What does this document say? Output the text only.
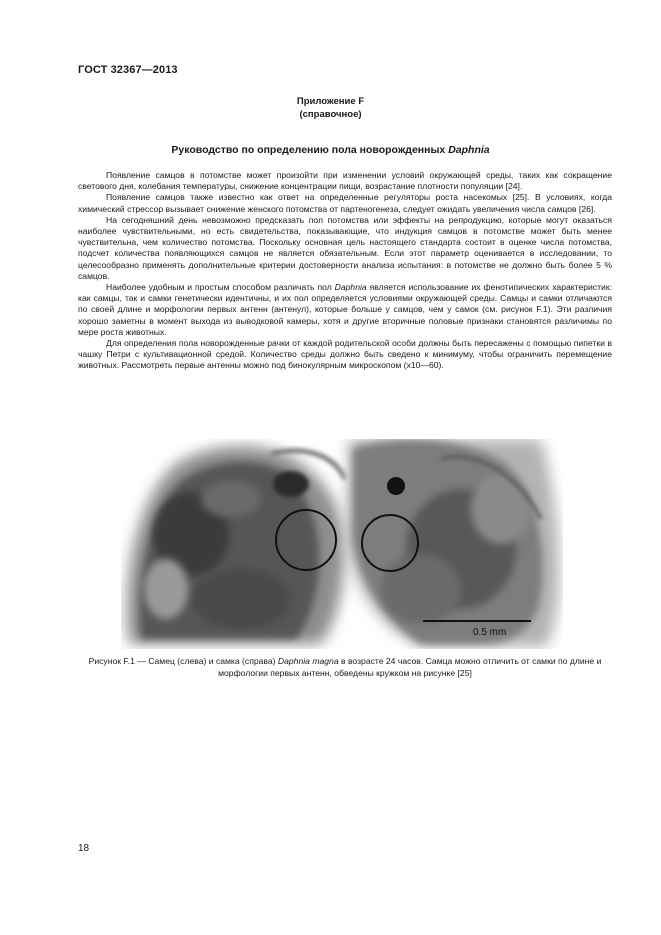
ГОСТ 32367—2013
Приложение F
(справочное)
Руководство по определению пола новорожденных Daphnia

Появление самцов в потомстве может произойти при изменении условий окружающей среды, таких как сокращение светового дня, колебания температуры, снижение концентрации пищи, возрастание плотности популяции [24].

Появление самцов также известно как ответ на определенные регуляторы роста насекомых [25]. В условиях, когда химический стрессор вызывает снижение женского потомства от партеногенеза, следует ожидать увеличения числа самцов [26].

На сегодняшний день невозможно предсказать пол потомства или эффекты на репродукцию, которые могут оказаться наиболее чувствительными, но есть свидетельства, показывающие, что индукция самцов в потомстве может быть менее чувствительна, чем количество потомства. Поскольку основная цель настоящего стандарта состоит в оценке числа потомства, подсчет количества появляющихся самцов не является обязательным. Если этот параметр оценивается в исследовании, то целесообразно применять дополнительные критерии достоверности анализа испытания: в потомстве не должно быть более 5 % самцов.

Наиболее удобным и простым способом различать пол Daphnia является использование их фенотипических характеристик: как самцы, так и самки генетически идентичны, и их пол определяется условиями окружающей среды. Самцы и самки отличаются по своей длине и морфологии первых антенн (антенул), которые больше у самцов, чем у самок (см. рисунок F.1). Эти различия хорошо заметны в момент выхода из выводковой камеры, хотя и другие вторичные половые признаки становятся различимы по мере роста животных.

Для определения пола новорожденные рачки от каждой родительской особи должны быть пересажены с помощью пипетки в чашку Петри с культивационной средой. Количество среды должно быть сведено к минимуму, чтобы ограничить перемещение животных. Рассмотреть первые антенны можно под бинокулярным микроскопом (x10—60).

0.5 mm
Рисунок F.1 — Самец (слева) и самка (справа) Daphnia magna в возрасте 24 часов. Самца можно отличить от самки по длине и морфологии первых антенн, обведены кружком на рисунке [25]
18
